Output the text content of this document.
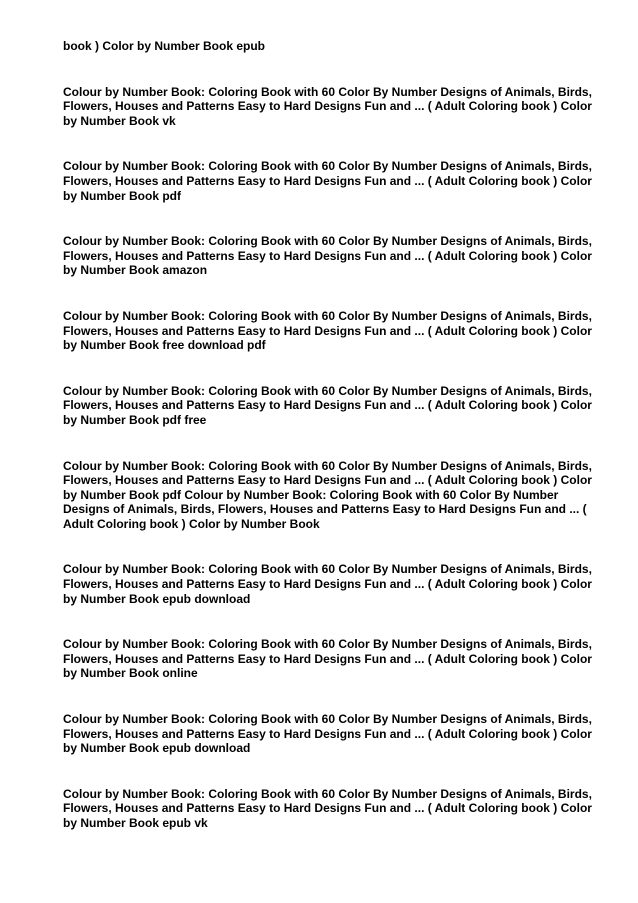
book ) Color by Number Book epub

Colour by Number Book: Coloring Book with 60 Color By Number Designs of Animals, Birds, Flowers, Houses and Patterns Easy to Hard Designs Fun and ... ( Adult Coloring book ) Color by Number Book vk

Colour by Number Book: Coloring Book with 60 Color By Number Designs of Animals, Birds, Flowers, Houses and Patterns Easy to Hard Designs Fun and ... ( Adult Coloring book ) Color by Number Book pdf

Colour by Number Book: Coloring Book with 60 Color By Number Designs of Animals, Birds, Flowers, Houses and Patterns Easy to Hard Designs Fun and ... ( Adult Coloring book ) Color by Number Book amazon

Colour by Number Book: Coloring Book with 60 Color By Number Designs of Animals, Birds, Flowers, Houses and Patterns Easy to Hard Designs Fun and ... ( Adult Coloring book ) Color by Number Book free download pdf

Colour by Number Book: Coloring Book with 60 Color By Number Designs of Animals, Birds, Flowers, Houses and Patterns Easy to Hard Designs Fun and ... ( Adult Coloring book ) Color by Number Book pdf free

Colour by Number Book: Coloring Book with 60 Color By Number Designs of Animals, Birds, Flowers, Houses and Patterns Easy to Hard Designs Fun and ... ( Adult Coloring book ) Color by Number Book pdf Colour by Number Book: Coloring Book with 60 Color By Number Designs of Animals, Birds, Flowers, Houses and Patterns Easy to Hard Designs Fun and ... ( Adult Coloring book ) Color by Number Book

Colour by Number Book: Coloring Book with 60 Color By Number Designs of Animals, Birds, Flowers, Houses and Patterns Easy to Hard Designs Fun and ... ( Adult Coloring book ) Color by Number Book epub download

Colour by Number Book: Coloring Book with 60 Color By Number Designs of Animals, Birds, Flowers, Houses and Patterns Easy to Hard Designs Fun and ... ( Adult Coloring book ) Color by Number Book online

Colour by Number Book: Coloring Book with 60 Color By Number Designs of Animals, Birds, Flowers, Houses and Patterns Easy to Hard Designs Fun and ... ( Adult Coloring book ) Color by Number Book epub download

Colour by Number Book: Coloring Book with 60 Color By Number Designs of Animals, Birds, Flowers, Houses and Patterns Easy to Hard Designs Fun and ... ( Adult Coloring book ) Color by Number Book epub vk
